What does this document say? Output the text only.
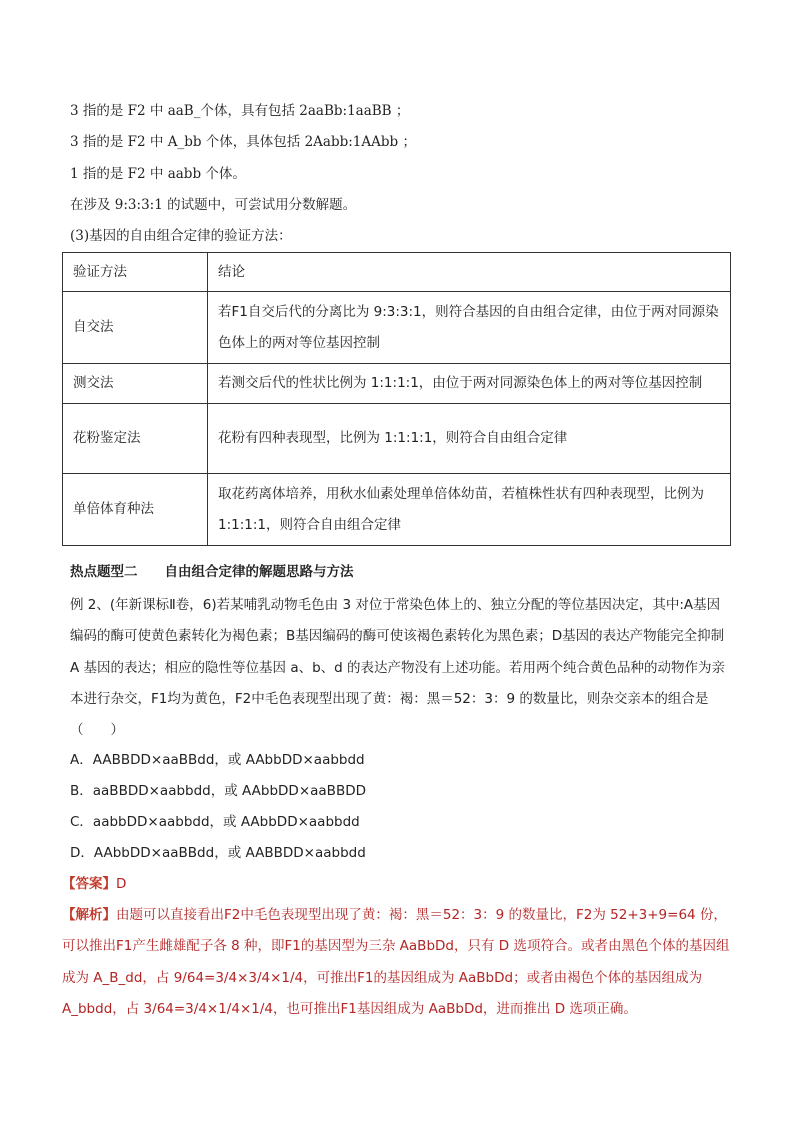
3 指的是 F2 中 aaB_个体，具有包括 2aaBb:1aaBB ；
3 指的是 F2 中 A_bb 个体，具体包括 2Aabb:1AAbb ；
1 指的是 F2 中 aabb 个体。
在涉及 9:3:3:1 的试题中，可尝试用分数解题。
(3)基因的自由组合定律的验证方法：
验证方法	结论
自交法	若F1自交后代的分离比为 9:3:3:1，则符合基因的自由组合定律，由位于两对同源染色体上的两对等位基因控制
测交法	若测交后代的性状比例为 1:1:1:1，由位于两对同源染色体上的两对等位基因控制
花粉鉴定法	花粉有四种表现型，比例为 1:1:1:1，则符合自由组合定律
单倍体育种法	取花药离体培养，用秋水仙素处理单倍体幼苗，若植株性状有四种表现型，比例为 1:1:1:1，则符合自由组合定律
热点题型二　　自由组合定律的解题思路与方法
例 2、(年新课标Ⅱ卷，6)若某哺乳动物毛色由 3 对位于常染色体上的、独立分配的等位基因决定，其中:A基因编码的酶可使黄色素转化为褐色素；B基因编码的酶可使该褐色素转化为黑色素；D基因的表达产物能完全抑制 A 基因的表达；相应的隐性等位基因 a、b、d 的表达产物没有上述功能。若用两个纯合黄色品种的动物作为亲本进行杂交，F1均为黄色，F2中毛色表现型出现了黄：褐：黑＝52：3：9 的数量比，则杂交亲本的组合是（　　）
A．AABBDD×aaBBdd，或 AAbbDD×aabbdd
B．aaBBDD×aabbdd，或 AAbbDD×aaBBDD
C．aabbDD×aabbdd，或 AAbbDD×aabbdd
D．AAbbDD×aaBBdd，或 AABBDD×aabbdd
【答案】D
【解析】由题可以直接看出F2中毛色表现型出现了黄：褐：黑＝52：3：9 的数量比，F2为 52+3+9=64 份，可以推出F1产生雌雄配子各 8 种，即F1的基因型为三杂 AaBbDd，只有 D 选项符合。或者由黑色个体的基因组成为 A_B_dd，占 9/64=3/4×3/4×1/4，可推出F1的基因组成为 AaBbDd；或者由褐色个体的基因组成为 A_bbdd，占 3/64=3/4×1/4×1/4，也可推出F1基因组成为 AaBbDd，进而推出 D 选项正确。
